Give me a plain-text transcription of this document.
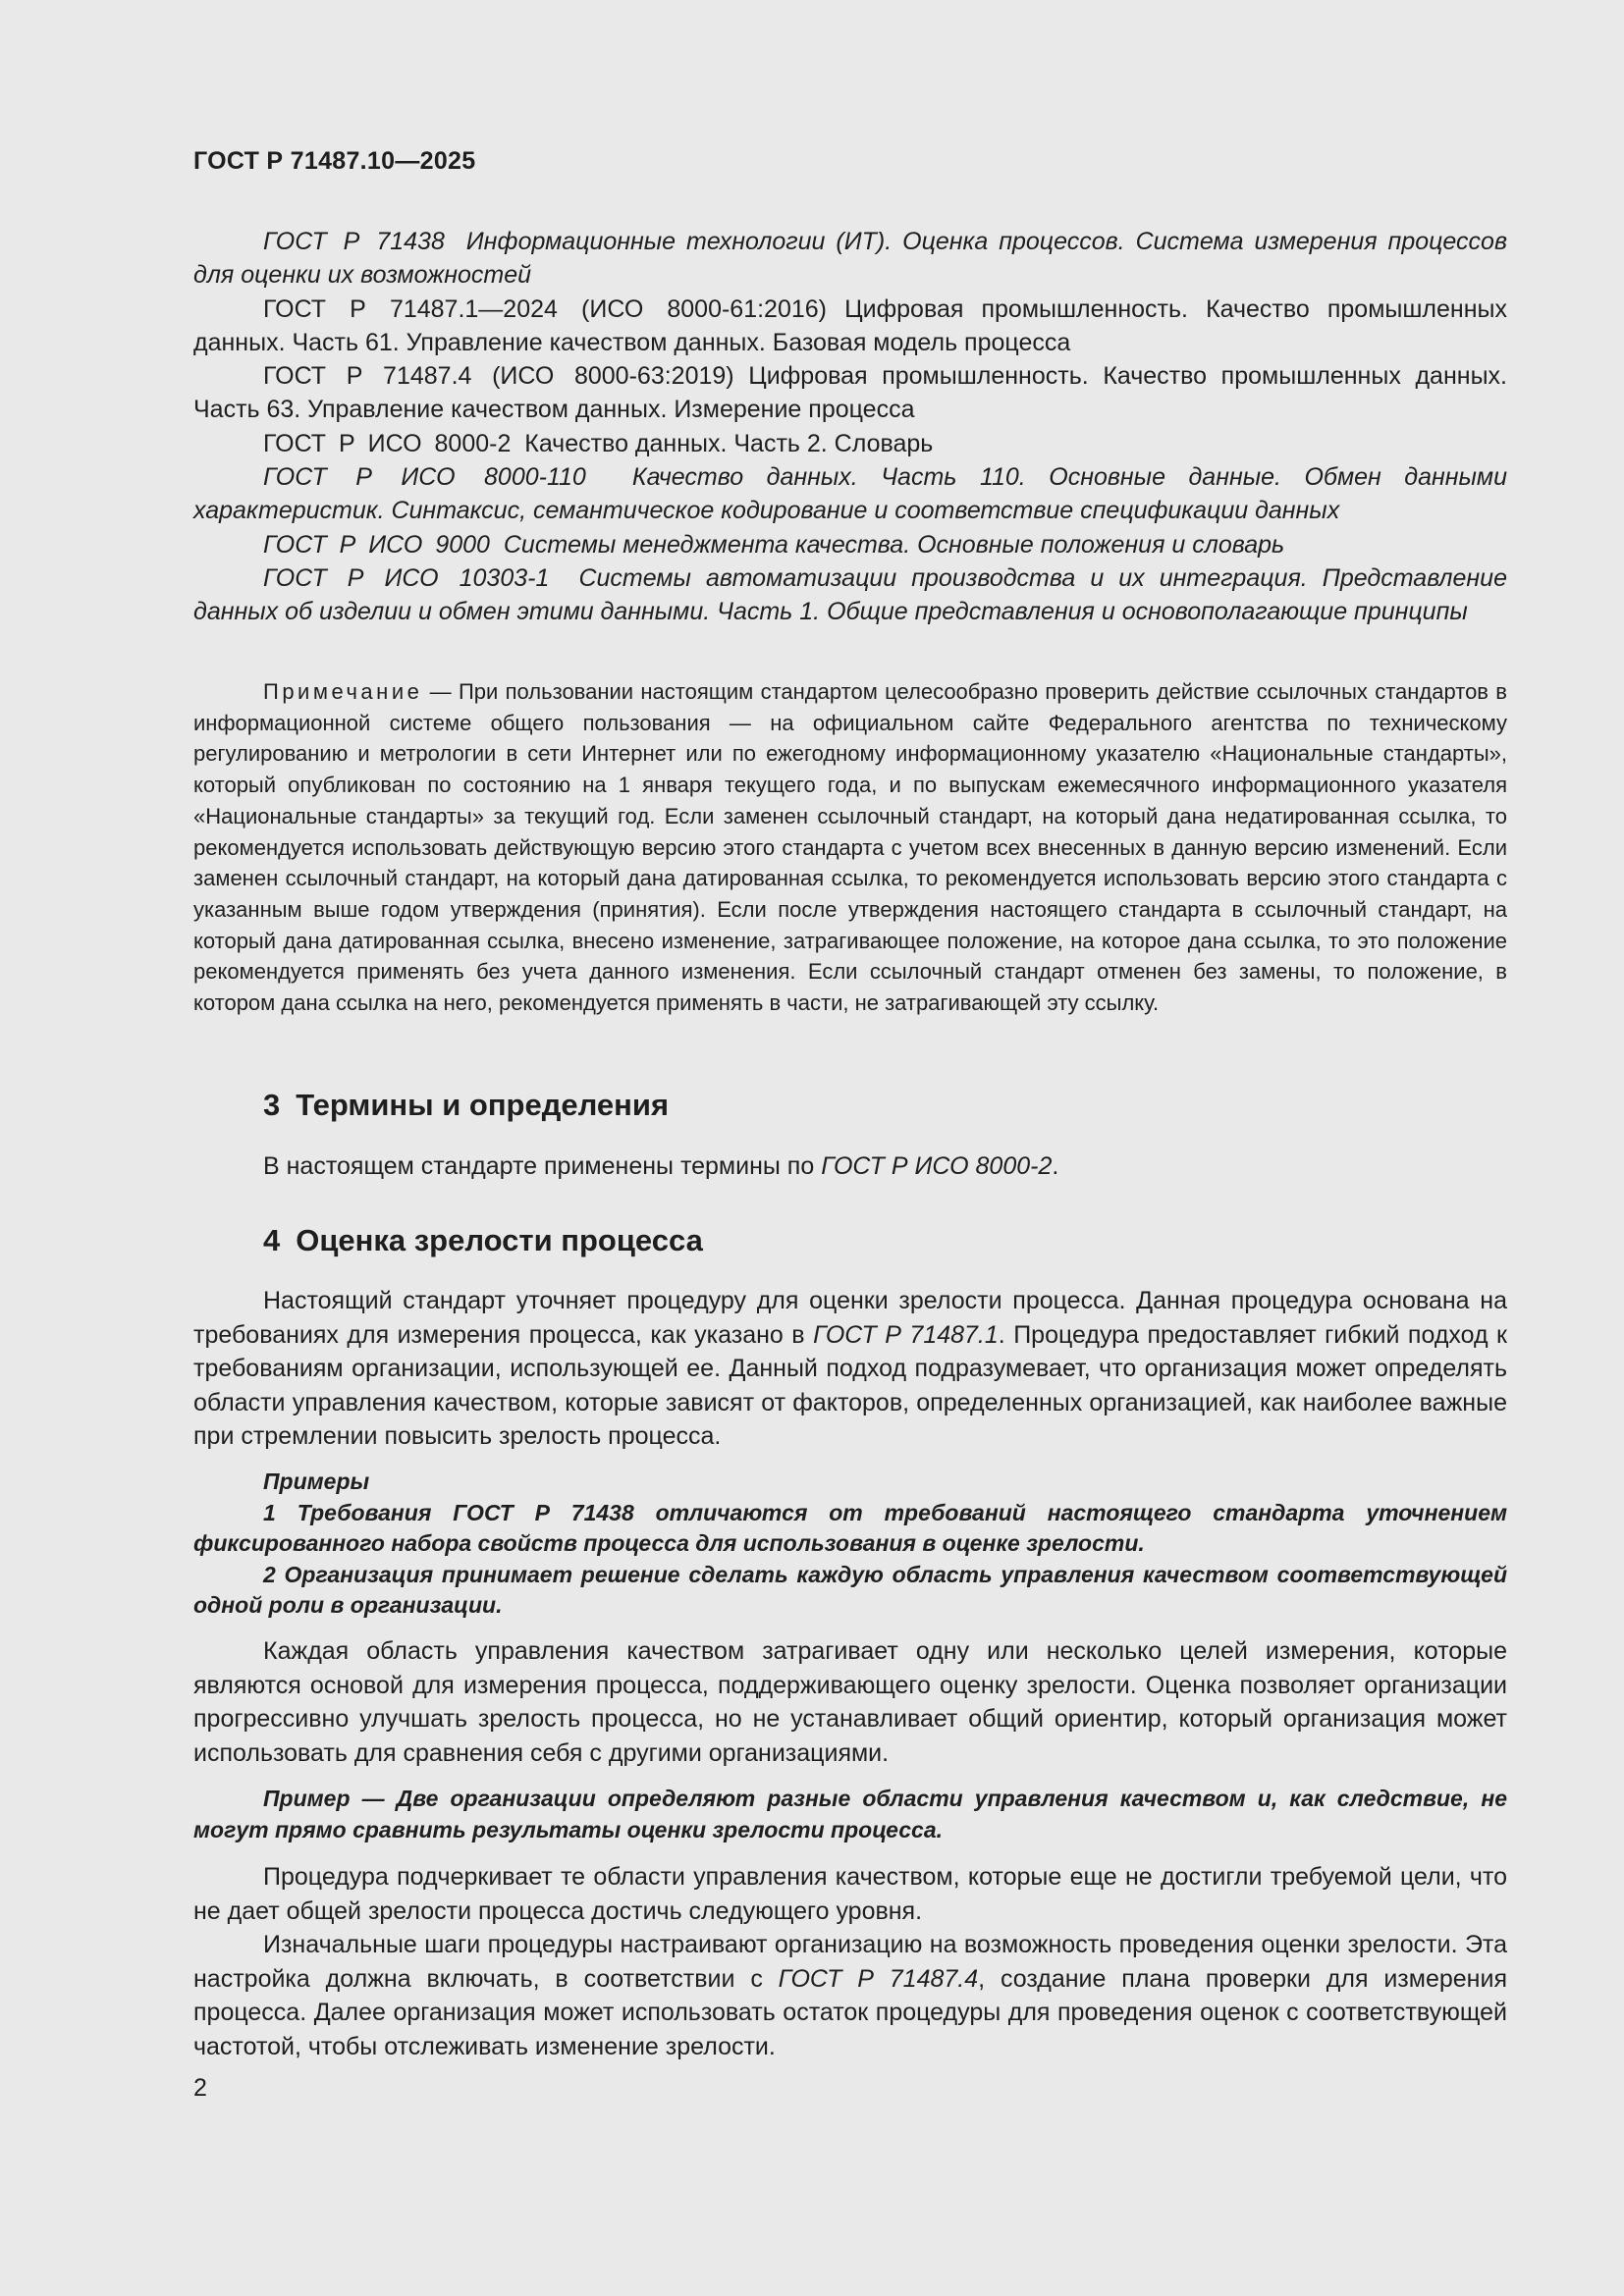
ГОСТ Р 71487.10—2025

ГОСТ Р 71438 Информационные технологии (ИТ). Оценка процессов. Система измерения процессов для оценки их возможностей

ГОСТ Р 71487.1—2024 (ИСО 8000-61:2016) Цифровая промышленность. Качество промышленных данных. Часть 61. Управление качеством данных. Базовая модель процесса

ГОСТ Р 71487.4 (ИСО 8000-63:2019) Цифровая промышленность. Качество промышленных данных. Часть 63. Управление качеством данных. Измерение процесса

ГОСТ Р ИСО 8000-2 Качество данных. Часть 2. Словарь

ГОСТ Р ИСО 8000-110 Качество данных. Часть 110. Основные данные. Обмен данными характеристик. Синтаксис, семантическое кодирование и соответствие спецификации данных

ГОСТ Р ИСО 9000 Системы менеджмента качества. Основные положения и словарь

ГОСТ Р ИСО 10303-1 Системы автоматизации производства и их интеграция. Представление данных об изделии и обмен этими данными. Часть 1. Общие представления и основополагающие принципы

Примечание — При пользовании настоящим стандартом целесообразно проверить действие ссылочных стандартов в информационной системе общего пользования — на официальном сайте Федерального агентства по техническому регулированию и метрологии в сети Интернет или по ежегодному информационному указателю «Национальные стандарты», который опубликован по состоянию на 1 января текущего года, и по выпускам ежемесячного информационного указателя «Национальные стандарты» за текущий год. Если заменен ссылочный стандарт, на который дана недатированная ссылка, то рекомендуется использовать действующую версию этого стандарта с учетом всех внесенных в данную версию изменений. Если заменен ссылочный стандарт, на который дана датированная ссылка, то рекомендуется использовать версию этого стандарта с указанным выше годом утверждения (принятия). Если после утверждения настоящего стандарта в ссылочный стандарт, на который дана датированная ссылка, внесено изменение, затрагивающее положение, на которое дана ссылка, то это положение рекомендуется применять без учета данного изменения. Если ссылочный стандарт отменен без замены, то положение, в котором дана ссылка на него, рекомендуется применять в части, не затрагивающей эту ссылку.

3 Термины и определения

В настоящем стандарте применены термины по ГОСТ Р ИСО 8000-2.

4 Оценка зрелости процесса

Настоящий стандарт уточняет процедуру для оценки зрелости процесса. Данная процедура основана на требованиях для измерения процесса, как указано в ГОСТ Р 71487.1. Процедура предоставляет гибкий подход к требованиям организации, использующей ее. Данный подход подразумевает, что организация может определять области управления качеством, которые зависят от факторов, определенных организацией, как наиболее важные при стремлении повысить зрелость процесса.

Примеры

1 Требования ГОСТ Р 71438 отличаются от требований настоящего стандарта уточнением фиксированного набора свойств процесса для использования в оценке зрелости.

2 Организация принимает решение сделать каждую область управления качеством соответствующей одной роли в организации.

Каждая область управления качеством затрагивает одну или несколько целей измерения, которые являются основой для измерения процесса, поддерживающего оценку зрелости. Оценка позволяет организации прогрессивно улучшать зрелость процесса, но не устанавливает общий ориентир, который организация может использовать для сравнения себя с другими организациями.

Пример — Две организации определяют разные области управления качеством и, как следствие, не могут прямо сравнить результаты оценки зрелости процесса.

Процедура подчеркивает те области управления качеством, которые еще не достигли требуемой цели, что не дает общей зрелости процесса достичь следующего уровня.

Изначальные шаги процедуры настраивают организацию на возможность проведения оценки зрелости. Эта настройка должна включать, в соответствии с ГОСТ Р 71487.4, создание плана проверки для измерения процесса. Далее организация может использовать остаток процедуры для проведения оценок с соответствующей частотой, чтобы отслеживать изменение зрелости.

2
